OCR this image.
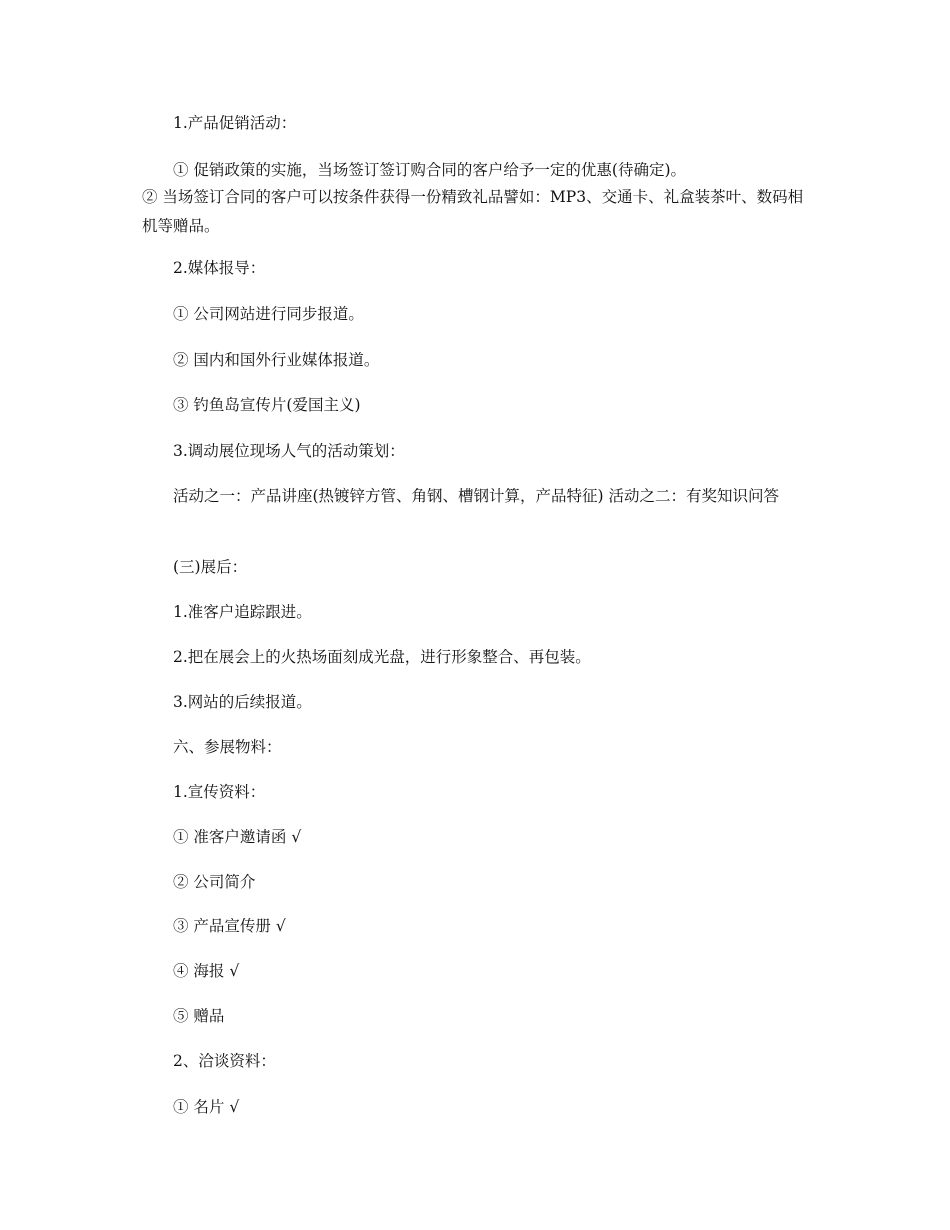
1.产品促销活动：

① 促销政策的实施，当场签订签订购合同的客户给予一定的优惠(待确定)。

② 当场签订合同的客户可以按条件获得一份精致礼品譬如：MP3、交通卡、礼盒装茶叶、数码相机等赠品。

2.媒体报导：

① 公司网站进行同步报道。

② 国内和国外行业媒体报道。

③ 钓鱼岛宣传片(爱国主义)

3.调动展位现场人气的活动策划：

活动之一：产品讲座(热镀锌方管、角钢、槽钢计算，产品特征) 活动之二：有奖知识问答

(三)展后：

1.准客户追踪跟进。

2.把在展会上的火热场面刻成光盘，进行形象整合、再包装。

3.网站的后续报道。

六、参展物料：

1.宣传资料：

① 准客户邀请函 √

② 公司简介

③ 产品宣传册 √

④ 海报 √

⑤ 赠品

2、洽谈资料：

① 名片 √
